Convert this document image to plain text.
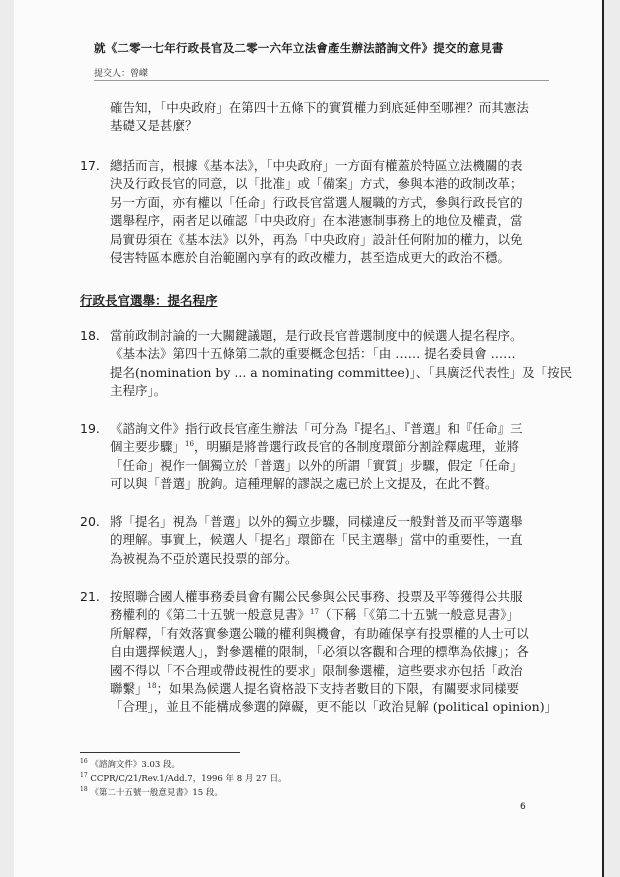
就《二零一七年行政長官及二零一六年立法會產生辦法諮詢文件》提交的意見書
提交人：曾嵥
確告知，「中央政府」在第四十五條下的實質權力到底延伸至哪裡？而其憲法
基礎又是甚麼？
17. 總括而言，根據《基本法》，「中央政府」一方面有權蓋於特區立法機關的表
決及行政長官的同意，以「批准」或「備案」方式，參與本港的政制改革；
另一方面，亦有權以「任命」行政長官當選人履職的方式，參與行政長官的
選舉程序，兩者足以確認「中央政府」在本港憲制事務上的地位及權責，當
局實毋須在《基本法》以外，再為「中央政府」設計任何附加的權力，以免
侵害特區本應於自治範圍內享有的政改權力，甚至造成更大的政治不穩。
行政長官選舉：提名程序
18. 當前政制討論的一大關鍵議題，是行政長官普選制度中的候選人提名程序。
《基本法》第四十五條第二款的重要概念包括：「由 …… 提名委員會 ……
提名(nomination by ... a nominating committee)」、「具廣泛代表性」及「按民
主程序」。
19. 《諮詢文件》指行政長官產生辦法「可分為『提名』、『普選』和『任命』三
個主要步驟」$^{16}$，明顯是將普選行政長官的各制度環節分割詮釋處理，並將
「任命」視作一個獨立於「普選」以外的所謂「實質」步驟，假定「任命」
可以與「普選」脫鉤。這種理解的謬誤之處已於上文提及，在此不贅。
20. 將「提名」視為「普選」以外的獨立步驟，同樣違反一般對普及而平等選舉
的理解。事實上，候選人「提名」環節在「民主選舉」當中的重要性，一直
為被視為不亞於選民投票的部分。
21. 按照聯合國人權事務委員會有關公民參與公民事務、投票及平等獲得公共服
務權利的《第二十五號一般意見書》$^{17}$（下稱「《第二十五號一般意見書》」
所解釋，「有效落實參選公職的權利與機會，有助確保享有投票權的人士可以
自由選擇候選人」，對參選權的限制，「必須以客觀和合理的標準為依據」；各
國不得以「不合理或帶歧視性的要求」限制參選權，這些要求亦包括「政治
聯繫」$^{18}$；如果為候選人提名資格設下支持者數目的下限，有關要求同樣要
「合理」，並且不能構成參選的障礙，更不能以「政治見解 (political opinion)」
$^{16}$ 《諮詢文件》3.03 段。
$^{17}$ CCPR/C/21/Rev.1/Add.7，1996 年 8 月 27 日。
$^{18}$ 《第二十五號一般意見書》15 段。
6
